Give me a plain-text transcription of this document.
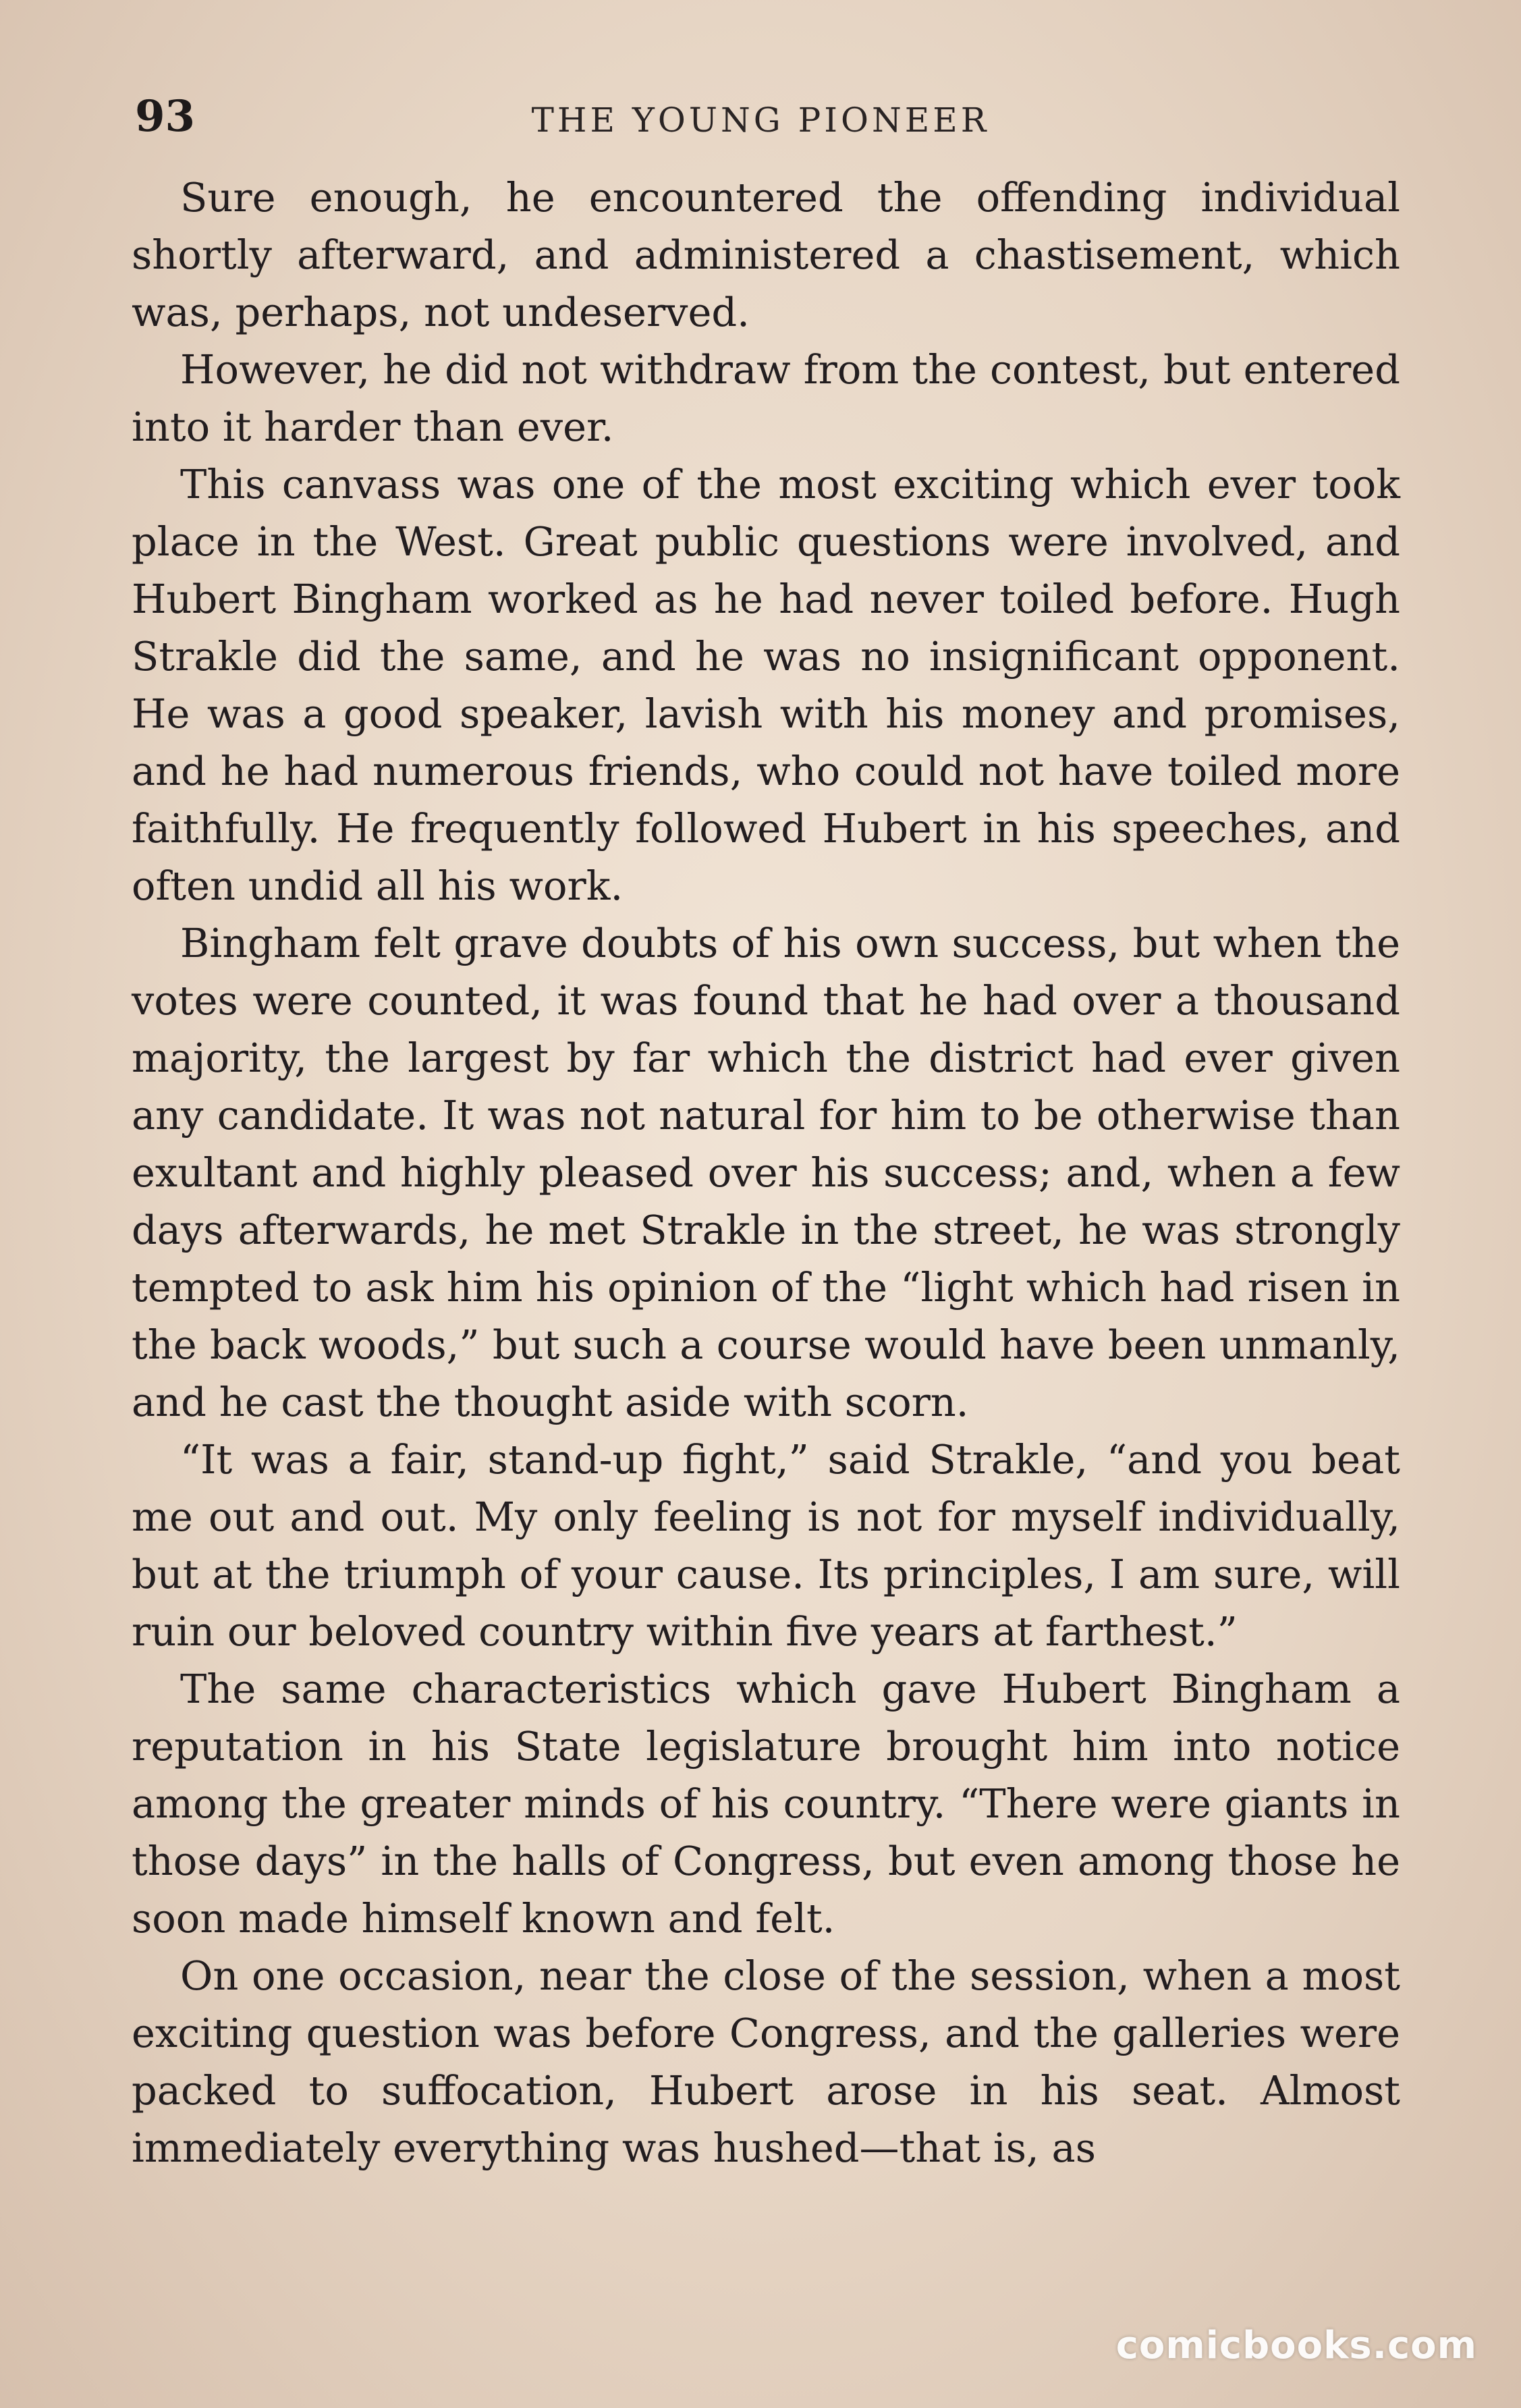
93	THE YOUNG PIONEER

Sure enough, he encountered the offending individual shortly afterward, and administered a chastisement, which was, perhaps, not undeserved.

However, he did not withdraw from the contest, but entered into it harder than ever.

This canvass was one of the most exciting which ever took place in the West. Great public questions were involved, and Hubert Bingham worked as he had never toiled before. Hugh Strakle did the same, and he was no insignificant opponent. He was a good speaker, lavish with his money and promises, and he had numerous friends, who could not have toiled more faithfully. He frequently followed Hubert in his speeches, and often undid all his work.

Bingham felt grave doubts of his own success, but when the votes were counted, it was found that he had over a thousand majority, the largest by far which the district had ever given any candidate. It was not natural for him to be otherwise than exultant and highly pleased over his success; and, when a few days afterwards, he met Strakle in the street, he was strongly tempted to ask him his opinion of the “light which had risen in the back woods,” but such a course would have been unmanly, and he cast the thought aside with scorn.

“It was a fair, stand-up fight,” said Strakle, “and you beat me out and out. My only feeling is not for myself individually, but at the triumph of your cause. Its principles, I am sure, will ruin our beloved country within five years at farthest.”

The same characteristics which gave Hubert Bingham a reputation in his State legislature brought him into notice among the greater minds of his country. “There were giants in those days” in the halls of Congress, but even among those he soon made himself known and felt.

On one occasion, near the close of the session, when a most exciting question was before Congress, and the galleries were packed to suffocation, Hubert arose in his seat. Almost immediately everything was hushed—that is, as

comicbooks.com
